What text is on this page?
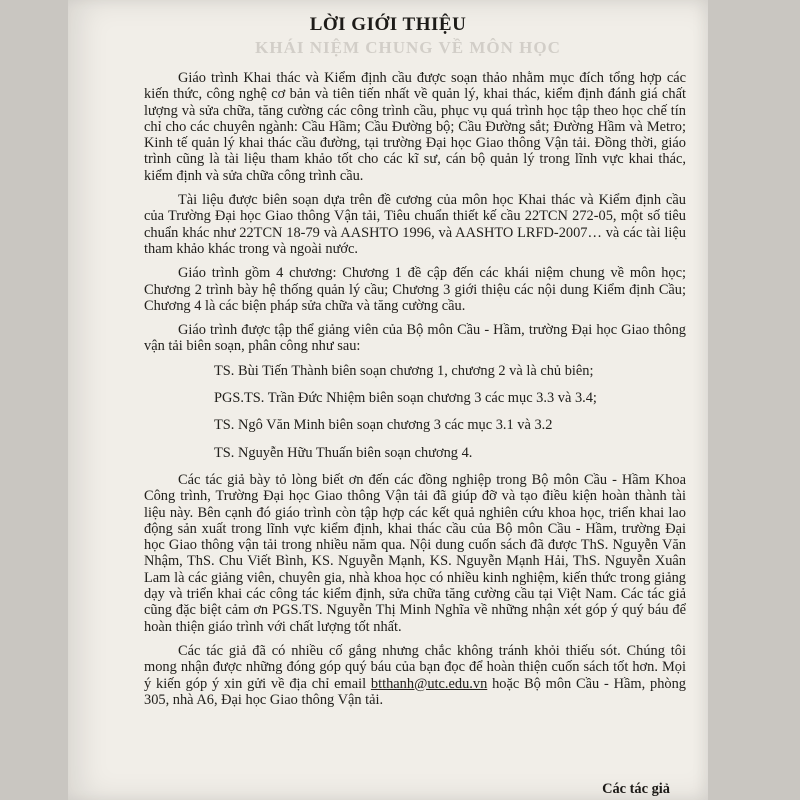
KHÁI NIỆM CHUNG VỀ MÔN HỌC
LỜI GIỚI THIỆU

Giáo trình Khai thác và Kiểm định cầu được soạn thảo nhằm mục đích tổng hợp các kiến thức, công nghệ cơ bản và tiên tiến nhất về quản lý, khai thác, kiểm định đánh giá chất lượng và sửa chữa, tăng cường các công trình cầu, phục vụ quá trình học tập theo học chế tín chỉ cho các chuyên ngành: Cầu Hầm; Cầu Đường bộ; Cầu Đường sắt; Đường Hầm và Metro; Kinh tế quản lý khai thác cầu đường, tại trường Đại học Giao thông Vận tải. Đồng thời, giáo trình cũng là tài liệu tham khảo tốt cho các kĩ sư, cán bộ quản lý trong lĩnh vực khai thác, kiểm định và sửa chữa công trình cầu.

Tài liệu được biên soạn dựa trên đề cương của môn học Khai thác và Kiểm định cầu của Trường Đại học Giao thông Vận tải, Tiêu chuẩn thiết kế cầu 22TCN 272-05, một số tiêu chuẩn khác như 22TCN 18-79 và AASHTO 1996, và AASHTO LRFD-2007… và các tài liệu tham khảo khác trong và ngoài nước.

Giáo trình gồm 4 chương: Chương 1 đề cập đến các khái niệm chung về môn học; Chương 2 trình bày hệ thống quản lý cầu; Chương 3 giới thiệu các nội dung Kiểm định Cầu; Chương 4 là các biện pháp sửa chữa và tăng cường cầu.

Giáo trình được tập thể giảng viên của Bộ môn Cầu - Hầm, trường Đại học Giao thông vận tải biên soạn, phân công như sau:

TS. Bùi Tiến Thành biên soạn chương 1, chương 2 và là chủ biên;

PGS.TS. Trần Đức Nhiệm biên soạn chương 3 các mục 3.3 và 3.4;

TS. Ngô Văn Minh biên soạn chương 3 các mục 3.1 và 3.2

TS. Nguyễn Hữu Thuấn biên soạn chương 4.

Các tác giả bày tỏ lòng biết ơn đến các đồng nghiệp trong Bộ môn Cầu - Hầm Khoa Công trình, Trường Đại học Giao thông Vận tải đã giúp đỡ và tạo điều kiện hoàn thành tài liệu này. Bên cạnh đó giáo trình còn tập hợp các kết quả nghiên cứu khoa học, triển khai lao động sản xuất trong lĩnh vực kiểm định, khai thác cầu của Bộ môn Cầu - Hầm, trường Đại học Giao thông vận tải trong nhiều năm qua. Nội dung cuốn sách đã được ThS. Nguyễn Văn Nhậm, ThS. Chu Viết Bình, KS. Nguyễn Mạnh, KS. Nguyễn Mạnh Hải, ThS. Nguyễn Xuân Lam là các giảng viên, chuyên gia, nhà khoa học có nhiều kinh nghiệm, kiến thức trong giảng dạy và triển khai các công tác kiểm định, sửa chữa tăng cường cầu tại Việt Nam. Các tác giả cũng đặc biệt cảm ơn PGS.TS. Nguyễn Thị Minh Nghĩa về những nhận xét góp ý quý báu để hoàn thiện giáo trình với chất lượng tốt nhất.

Các tác giả đã có nhiều cố gắng nhưng chắc không tránh khỏi thiếu sót. Chúng tôi mong nhận được những đóng góp quý báu của bạn đọc để hoàn thiện cuốn sách tốt hơn. Mọi ý kiến góp ý xin gửi về địa chỉ email btthanh@utc.edu.vn hoặc Bộ môn Cầu - Hầm, phòng 305, nhà A6, Đại học Giao thông Vận tải.

Các tác giả
